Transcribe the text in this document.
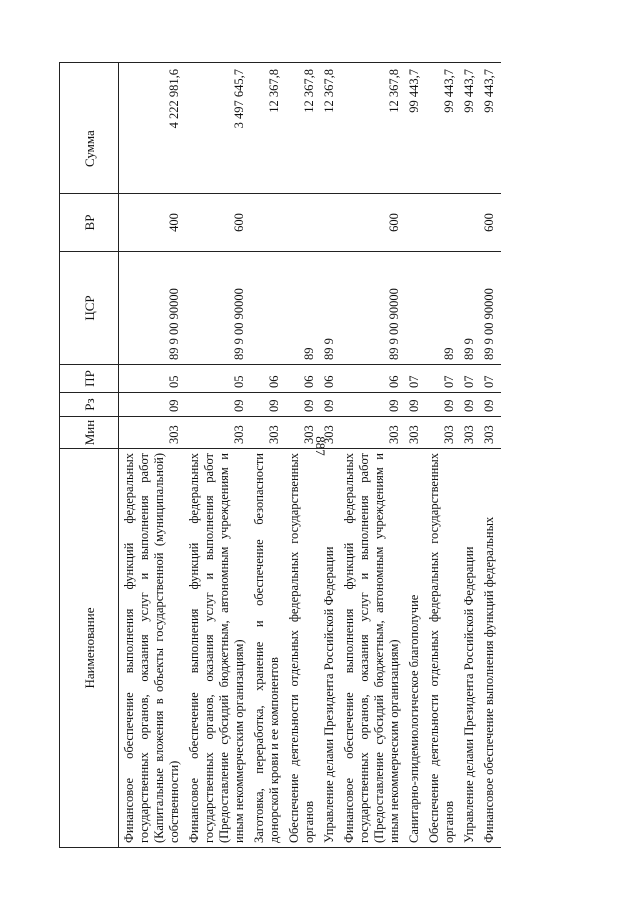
887
Наименование	Мин	Рз	ПР	ЦСР	ВР	Сумма
Финансовое обеспечение выполнения функций федеральных государственных органов, оказания услуг и выполнения работ (Капитальные вложения в объекты государственной (муниципальной) собственности)	303	09	05	89 9 00 90000	400	4 222 981,6
Финансовое обеспечение выполнения функций федеральных государственных органов, оказания услуг и выполнения работ (Предоставление субсидий бюджетным, автономным учреждениям и иным некоммерческим организациям)	303	09	05	89 9 00 90000	600	3 497 645,7
Заготовка, переработка, хранение и обеспечение безопасности донорской крови и ее компонентов	303	09	06			12 367,8
Обеспечение деятельности отдельных федеральных государственных органов	303	09	06	89		12 367,8
Управление делами Президента Российской Федерации	303	09	06	89 9		12 367,8
Финансовое обеспечение выполнения функций федеральных государственных органов, оказания услуг и выполнения работ (Предоставление субсидий бюджетным, автономным учреждениям и иным некоммерческим организациям)	303	09	06	89 9 00 90000	600	12 367,8
Санитарно-эпидемиологическое благополучие	303	09	07			99 443,7
Обеспечение деятельности отдельных федеральных государственных органов	303	09	07	89		99 443,7
Управление делами Президента Российской Федерации	303	09	07	89 9		99 443,7
Финансовое обеспечение выполнения функций федеральных	303	09	07	89 9 00 90000	600	99 443,7
